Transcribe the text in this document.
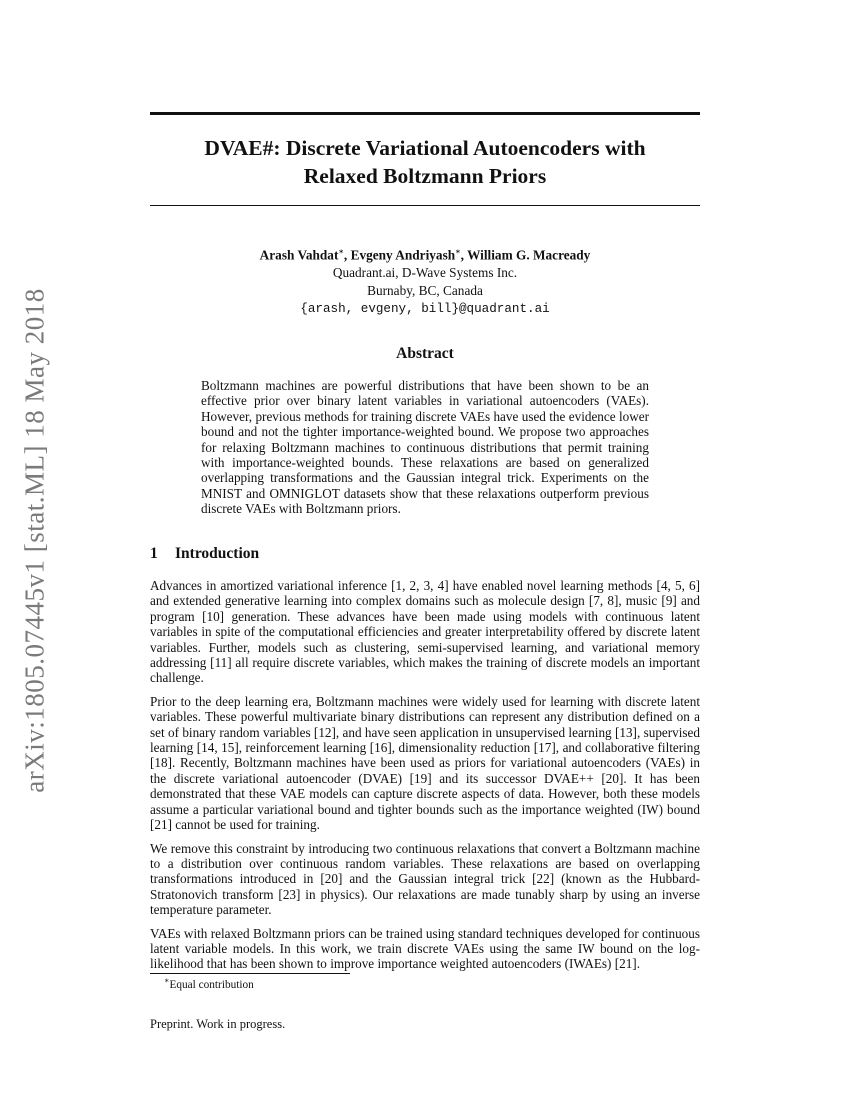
arXiv:1805.07445v1 [stat.ML] 18 May 2018
DVAE#: Discrete Variational Autoencoders with
Relaxed Boltzmann Priors
Arash Vahdat∗, Evgeny Andriyash∗, William G. Macready
Quadrant.ai, D-Wave Systems Inc.
Burnaby, BC, Canada
{arash, evgeny, bill}@quadrant.ai
Abstract
Boltzmann machines are powerful distributions that have been shown to be an effective prior over binary latent variables in variational autoencoders (VAEs). However, previous methods for training discrete VAEs have used the evidence lower bound and not the tighter importance-weighted bound. We propose two approaches for relaxing Boltzmann machines to continuous distributions that permit training with importance-weighted bounds. These relaxations are based on generalized overlapping transformations and the Gaussian integral trick. Experiments on the MNIST and OMNIGLOT datasets show that these relaxations outperform previous discrete VAEs with Boltzmann priors.
1 Introduction

Advances in amortized variational inference [1, 2, 3, 4] have enabled novel learning methods [4, 5, 6] and extended generative learning into complex domains such as molecule design [7, 8], music [9] and program [10] generation. These advances have been made using models with continuous latent variables in spite of the computational efficiencies and greater interpretability offered by discrete latent variables. Further, models such as clustering, semi-supervised learning, and variational memory addressing [11] all require discrete variables, which makes the training of discrete models an important challenge.

Prior to the deep learning era, Boltzmann machines were widely used for learning with discrete latent variables. These powerful multivariate binary distributions can represent any distribution defined on a set of binary random variables [12], and have seen application in unsupervised learning [13], supervised learning [14, 15], reinforcement learning [16], dimensionality reduction [17], and collaborative filtering [18]. Recently, Boltzmann machines have been used as priors for variational autoencoders (VAEs) in the discrete variational autoencoder (DVAE) [19] and its successor DVAE++ [20]. It has been demonstrated that these VAE models can capture discrete aspects of data. However, both these models assume a particular variational bound and tighter bounds such as the importance weighted (IW) bound [21] cannot be used for training.

We remove this constraint by introducing two continuous relaxations that convert a Boltzmann machine to a distribution over continuous random variables. These relaxations are based on overlapping transformations introduced in [20] and the Gaussian integral trick [22] (known as the Hubbard-Stratonovich transform [23] in physics). Our relaxations are made tunably sharp by using an inverse temperature parameter.

VAEs with relaxed Boltzmann priors can be trained using standard techniques developed for continuous latent variable models. In this work, we train discrete VAEs using the same IW bound on the log-likelihood that has been shown to improve importance weighted autoencoders (IWAEs) [21].

∗Equal contribution
Preprint. Work in progress.
